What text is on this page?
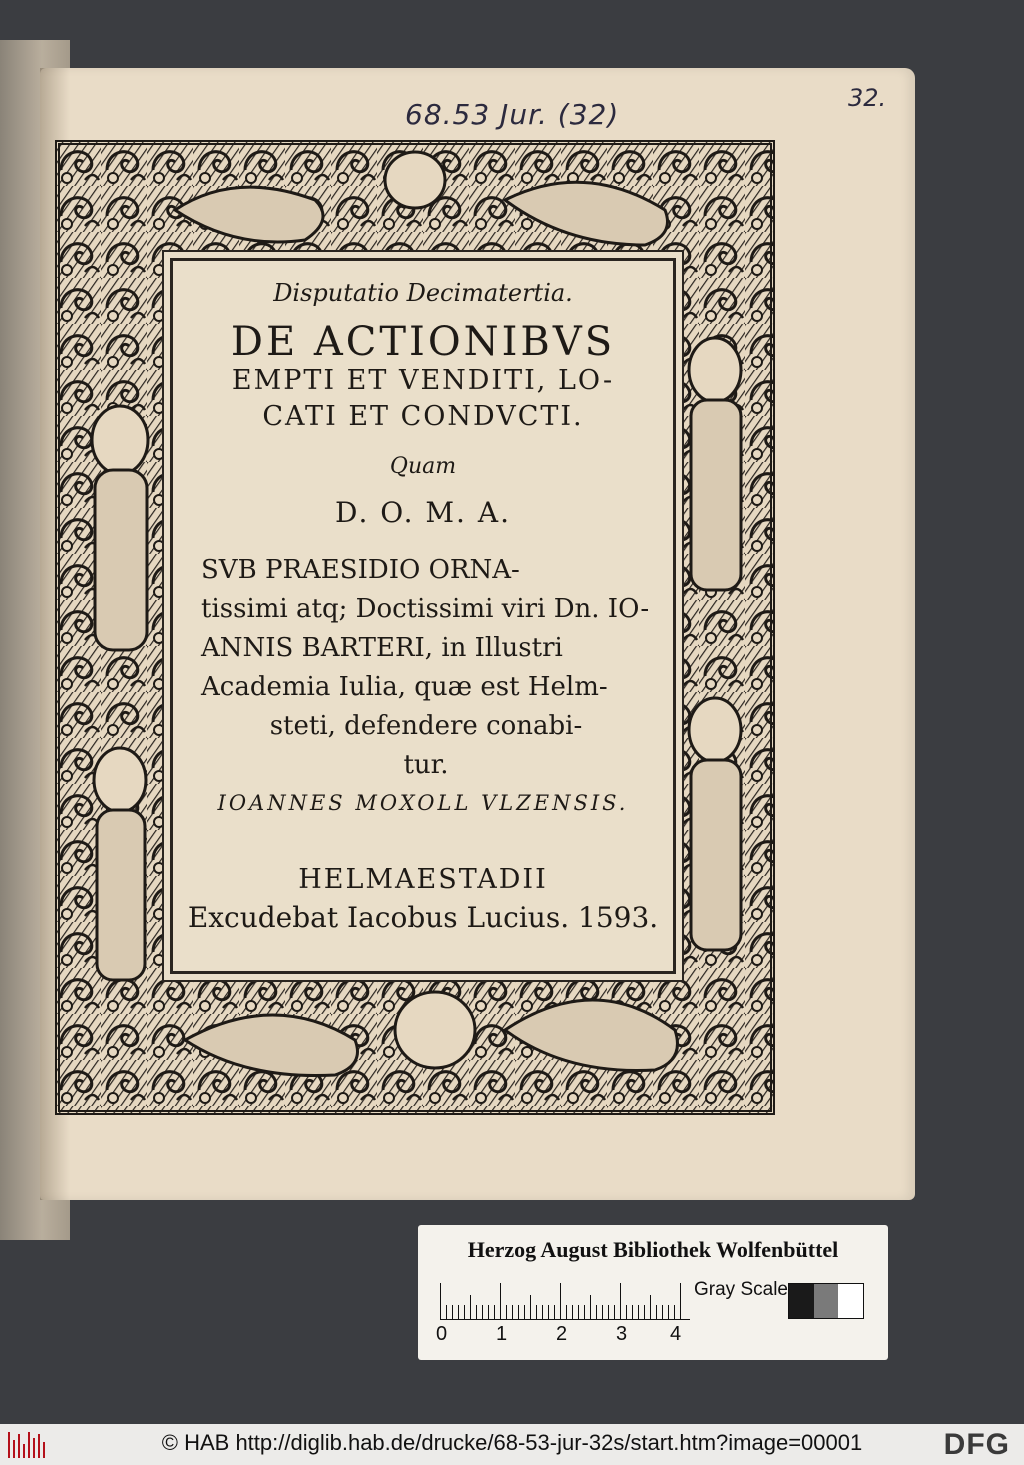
68.53 Jur. (32)	32.
Disputatio Decimatertia.
DE ACTIONIBVS
EMPTI ET VENDITI, LO-
CATI ET CONDVCTI.
Quam
D. O. M. A.
SVB PRAESIDIO ORNA-
tissimi atq; Doctissimi viri Dn. IO-
ANNIS BARTERI, in Illustri
Academia Iulia, quæ est Helm-
steti, defendere conabi-
tur.
IOANNES MOXOLL VLZENSIS.
HELMAESTADII
Excudebat Iacobus Lucius. 1593.
Herzog August Bibliothek Wolfenbüttel
0 1 2 3 4
Gray Scale
© HAB http://diglib.hab.de/drucke/68-53-jur-32s/start.htm?image=00001	DFG
